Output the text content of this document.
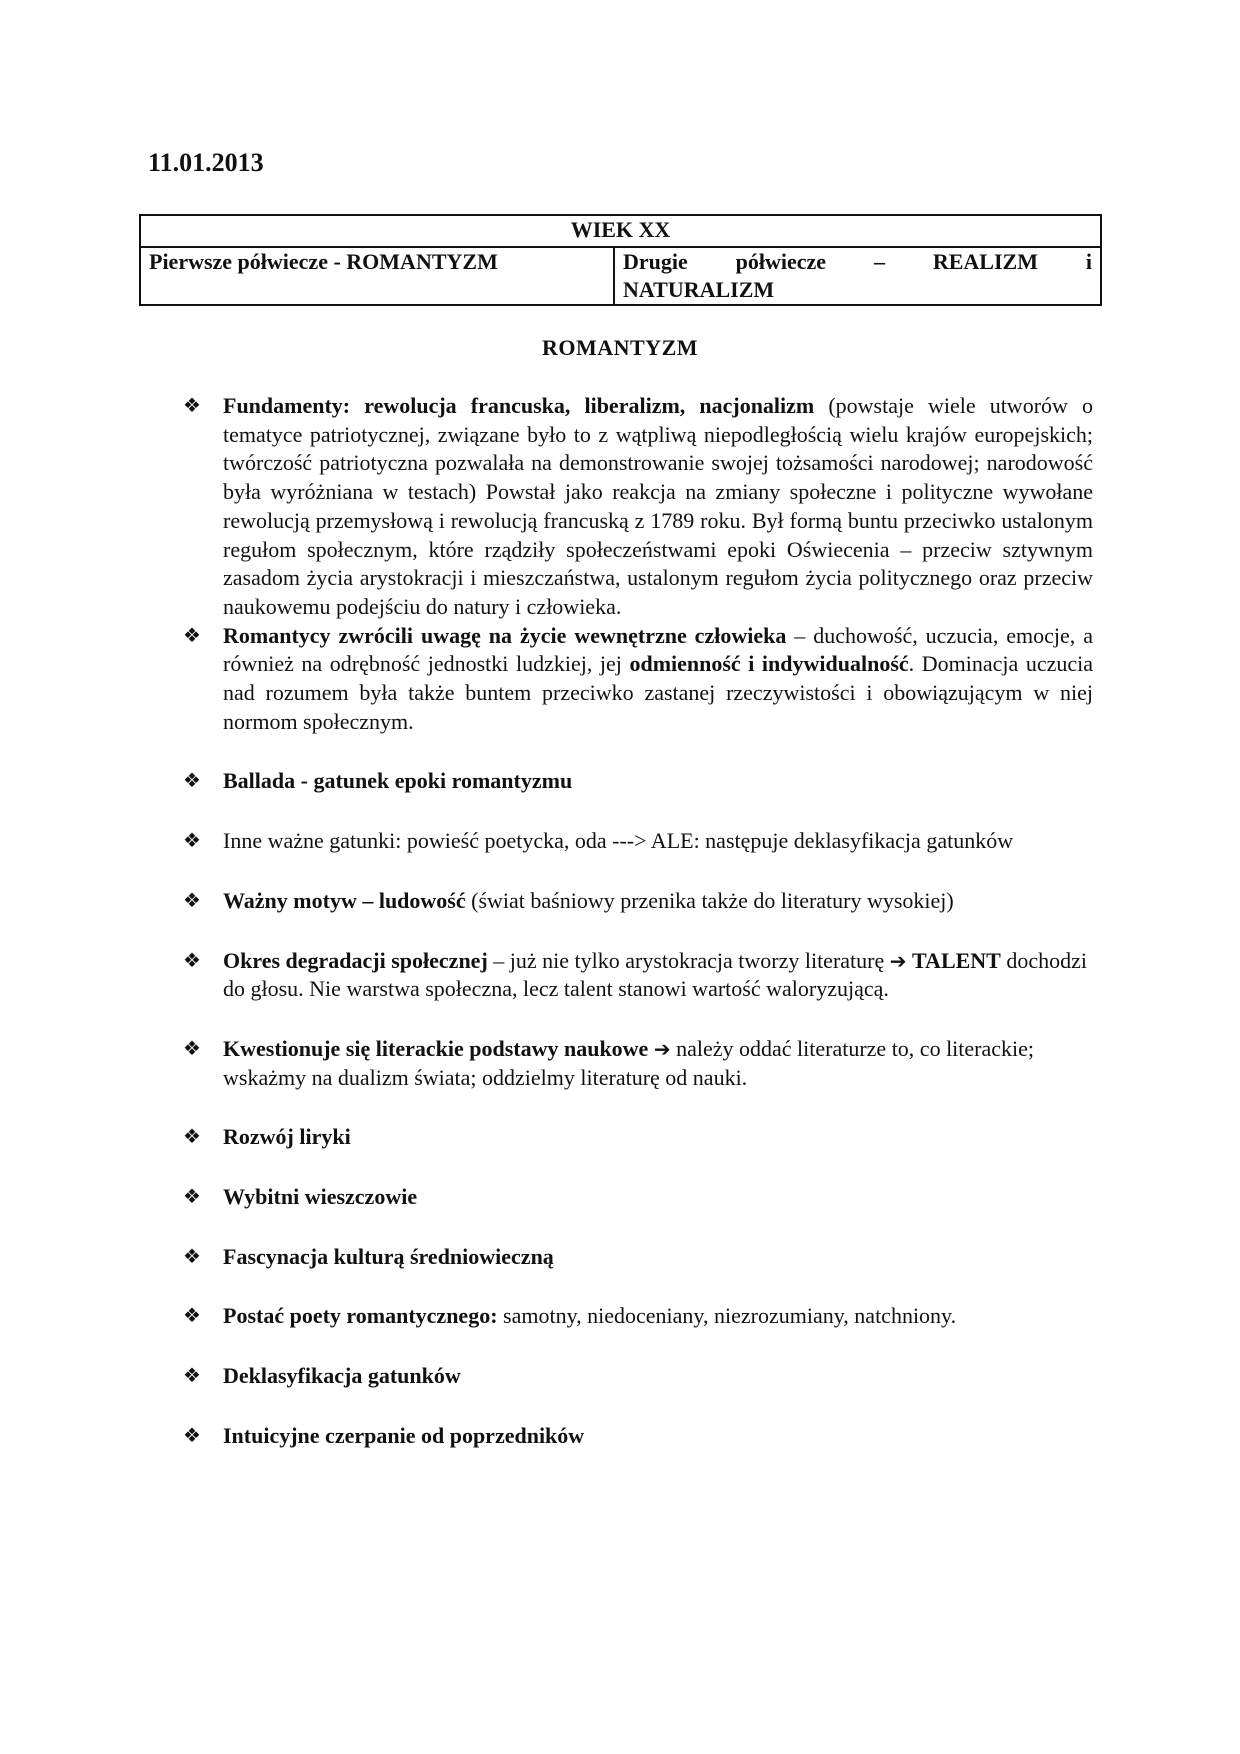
11.01.2013
WIEK XX
Pierwsze półwiecze - ROMANTYZM	Drugie półwiecze – REALIZM i
NATURALIZM
ROMANTYZM
❖ Fundamenty: rewolucja francuska, liberalizm, nacjonalizm (powstaje wiele utworów o tematyce patriotycznej, związane było to z wątpliwą niepodległością wielu krajów europejskich; twórczość patriotyczna pozwalała na demonstrowanie swojej tożsamości narodowej; narodowość była wyróżniana w testach) Powstał jako reakcja na zmiany społeczne i polityczne wywołane rewolucją przemysłową i rewolucją francuską z 1789 roku. Był formą buntu przeciwko ustalonym regułom społecznym, które rządziły społeczeństwami epoki Oświecenia – przeciw sztywnym zasadom życia arystokracji i mieszczaństwa, ustalonym regułom życia politycznego oraz przeciw naukowemu podejściu do natury i człowieka.
❖ Romantycy zwrócili uwagę na życie wewnętrzne człowieka – duchowość, uczucia, emocje, a również na odrębność jednostki ludzkiej, jej odmienność i indywidualność. Dominacja uczucia nad rozumem była także buntem przeciwko zastanej rzeczywistości i obowiązującym w niej normom społecznym.
❖ Ballada - gatunek epoki romantyzmu
❖ Inne ważne gatunki: powieść poetycka, oda ---> ALE: następuje deklasyfikacja gatunków
❖ Ważny motyw – ludowość (świat baśniowy przenika także do literatury wysokiej)
❖ Okres degradacji społecznej – już nie tylko arystokracja tworzy literaturę ➔ TALENT dochodzi do głosu. Nie warstwa społeczna, lecz talent stanowi wartość waloryzującą.
❖ Kwestionuje się literackie podstawy naukowe ➔ należy oddać literaturze to, co literackie; wskażmy na dualizm świata; oddzielmy literaturę od nauki.
❖ Rozwój liryki
❖ Wybitni wieszczowie
❖ Fascynacja kulturą średniowieczną
❖ Postać poety romantycznego: samotny, niedoceniany, niezrozumiany, natchniony.
❖ Deklasyfikacja gatunków
❖ Intuicyjne czerpanie od poprzedników
